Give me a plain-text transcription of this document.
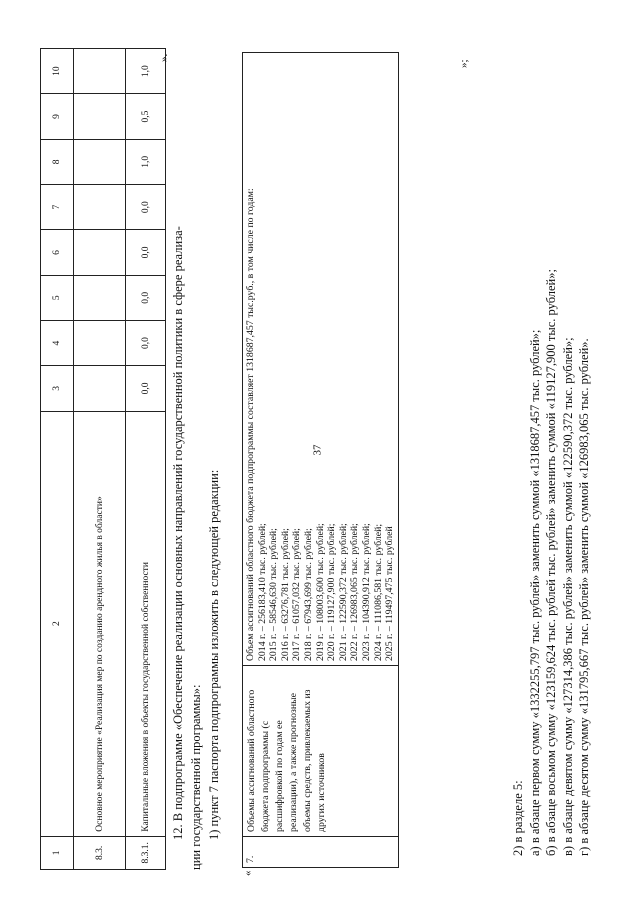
37
1	2	3	4	5	6	7	8	9	10
8.3.	Основное мероприятие «Реализация мер по созданию арендного жилья в области»								
8.3.1.	Капитальные вложения в объекты государственной собственности	0,0	0,0	0,0	0,0	0,0	1,0	0,5	1,0
».
12. В подпрограмме «Обеспечение реализации основных направлений государственной политики в сфере реализа- ции государственной программы»: 1) пункт 7 паспорта подпрограммы изложить в следующей редакции:
«
7.	Объемы ассигнований областного бюджета подпрограммы (с расшифровкой по годам ее реализации), а также прогнозные объемы средств, привлекаемых из других источников	
Объем ассигнований областного бюджета подпрограммы составляет 1318687,457 тыс.руб., в том числе по годам: 2014 г. – 256183,410 тыс. рублей; 2015 г. – 58546,630 тыс. рублей; 2016 г. – 63276,781 тыс. рублей; 2017 г. – 61057,032 тыс. рублей; 2018 г. – 67943,699 тыс. рублей; 2019 г. – 108003,600 тыс. рублей; 2020 г. – 119127,900 тыс. рублей; 2021 г. – 122590,372 тыс. рублей; 2022 г. – 126983,065 тыс. рублей; 2023 г. – 104390,912 тыс. рублей; 2024 г. – 111086,581 тыс. рублей; 2025 г. – 119497,475 тыс. рублей
»;
2) в разделе 5: а) в абзаце первом сумму «1332255,797 тыс. рублей» заменить суммой «1318687,457 тыс. рублей»; б) в абзаце восьмом сумму «123159,624 тыс. рублей тыс. рублей» заменить суммой «119127,900 тыс. рублей»; в) в абзаце девятом сумму «127314,386 тыс. рублей» заменить суммой «122590,372 тыс. рублей»; г) в абзаце десятом сумму «131795,667 тыс. рублей» заменить суммой «126983,065 тыс. рублей».
